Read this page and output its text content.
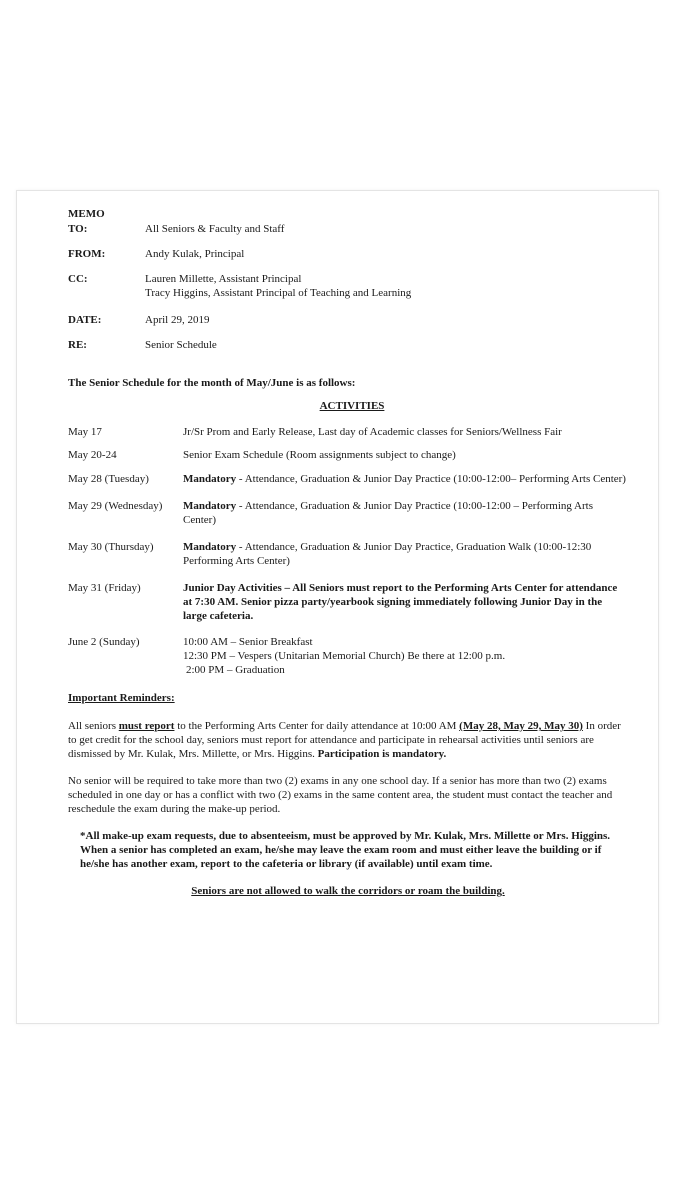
MEMO
TO:	All Seniors & Faculty and Staff
FROM:	Andy Kulak, Principal
CC:	Lauren Millette, Assistant Principal
Tracy Higgins, Assistant Principal of Teaching and Learning
DATE:	April 29, 2019
RE:	Senior Schedule
The Senior Schedule for the month of May/June is as follows:
ACTIVITIES
May 17	Jr/Sr Prom and Early Release, Last day of Academic classes for Seniors/Wellness Fair
May 20-24	Senior Exam Schedule (Room assignments subject to change)
May 28 (Tuesday)	Mandatory - Attendance, Graduation & Junior Day Practice (10:00-12:00– Performing Arts Center)
May 29 (Wednesday)	Mandatory - Attendance, Graduation & Junior Day Practice (10:00-12:00 – Performing Arts Center)
May 30 (Thursday)	Mandatory - Attendance, Graduation & Junior Day Practice, Graduation Walk (10:00-12:30 Performing Arts Center)
May 31 (Friday)	Junior Day Activities – All Seniors must report to the Performing Arts Center for attendance at 7:30 AM. Senior pizza party/yearbook signing immediately following Junior Day in the large cafeteria.
June 2 (Sunday)	10:00 AM – Senior Breakfast
12:30 PM – Vespers (Unitarian Memorial Church) Be there at 12:00 p.m.
2:00 PM – Graduation
Important Reminders:
All seniors must report to the Performing Arts Center for daily attendance at 10:00 AM (May 28, May 29, May 30) In order to get credit for the school day, seniors must report for attendance and participate in rehearsal activities until seniors are dismissed by Mr. Kulak, Mrs. Millette, or Mrs. Higgins. Participation is mandatory.
No senior will be required to take more than two (2) exams in any one school day. If a senior has more than two (2) exams scheduled in one day or has a conflict with two (2) exams in the same content area, the student must contact the teacher and reschedule the exam during the make-up period.
*All make-up exam requests, due to absenteeism, must be approved by Mr. Kulak, Mrs. Millette or Mrs. Higgins. When a senior has completed an exam, he/she may leave the exam room and must either leave the building or if he/she has another exam, report to the cafeteria or library (if available) until exam time.
Seniors are not allowed to walk the corridors or roam the building.
